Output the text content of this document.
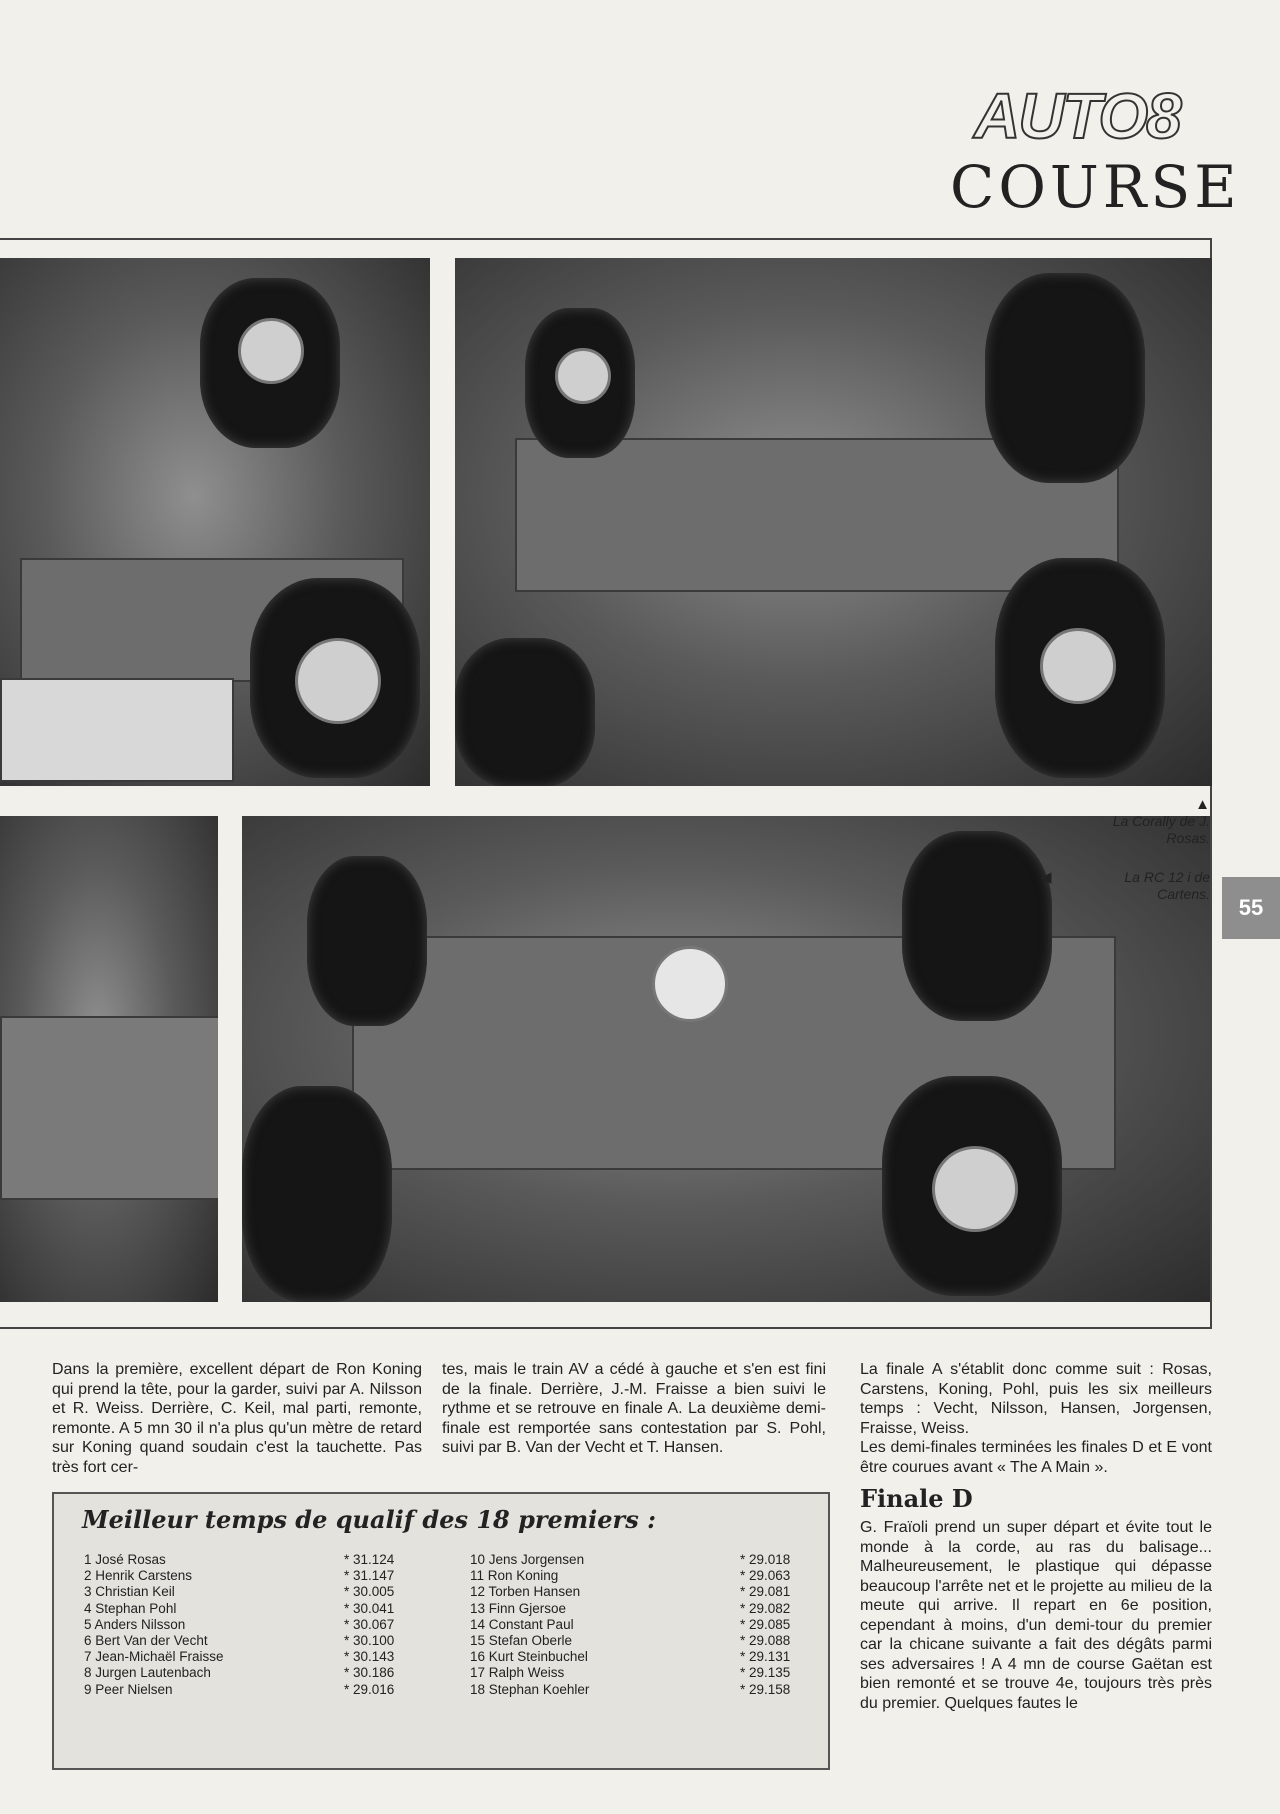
AUTO8
COURSE
▲
La Corally de J. Rosas.
◀	La RC 12 i de Cartens.
55
Dans la première, excellent départ de Ron Koning qui prend la tête, pour la garder, suivi par A. Nilsson et R. Weiss. Derrière, C. Keil, mal parti, remonte, remonte. A 5 mn 30 il n'a plus qu'un mètre de retard sur Koning quand soudain c'est la tauchette. Pas très fort cer-
tes, mais le train AV a cédé à gauche et s'en est fini de la finale. Derrière, J.-M. Fraisse a bien suivi le rythme et se retrouve en finale A. La deuxième demi-finale est remportée sans contestation par S. Pohl, suivi par B. Van der Vecht et T. Hansen.
La finale A s'établit donc comme suit : Rosas, Carstens, Koning, Pohl, puis les six meilleurs temps : Vecht, Nilsson, Hansen, Jorgensen, Fraisse, Weiss.
Les demi-finales terminées les finales D et E vont être courues avant « The A Main ».
Finale D
G. Fraïoli prend un super départ et évite tout le monde à la corde, au ras du balisage... Malheureusement, le plastique qui dépasse beaucoup l'arrête net et le projette au milieu de la meute qui arrive. Il repart en 6e position, cependant à moins, d'un demi-tour du premier car la chicane suivante a fait des dégâts parmi ses adversaires ! A 4 mn de course Gaëtan est bien remonté et se trouve 4e, toujours très près du premier. Quelques fautes le
Meilleur temps de qualif des 18 premiers :
1 José Rosas	* 31.124
2 Henrik Carstens	* 31.147
3 Christian Keil	* 30.005
4 Stephan Pohl	* 30.041
5 Anders Nilsson	* 30.067
6 Bert Van der Vecht	* 30.100
7 Jean-Michaël Fraisse	* 30.143
8 Jurgen Lautenbach	* 30.186
9 Peer Nielsen	* 29.016
10 Jens Jorgensen	* 29.018
11 Ron Koning	* 29.063
12 Torben Hansen	* 29.081
13 Finn Gjersoe	* 29.082
14 Constant Paul	* 29.085
15 Stefan Oberle	* 29.088
16 Kurt Steinbuchel	* 29.131
17 Ralph Weiss	* 29.135
18 Stephan Koehler	* 29.158
